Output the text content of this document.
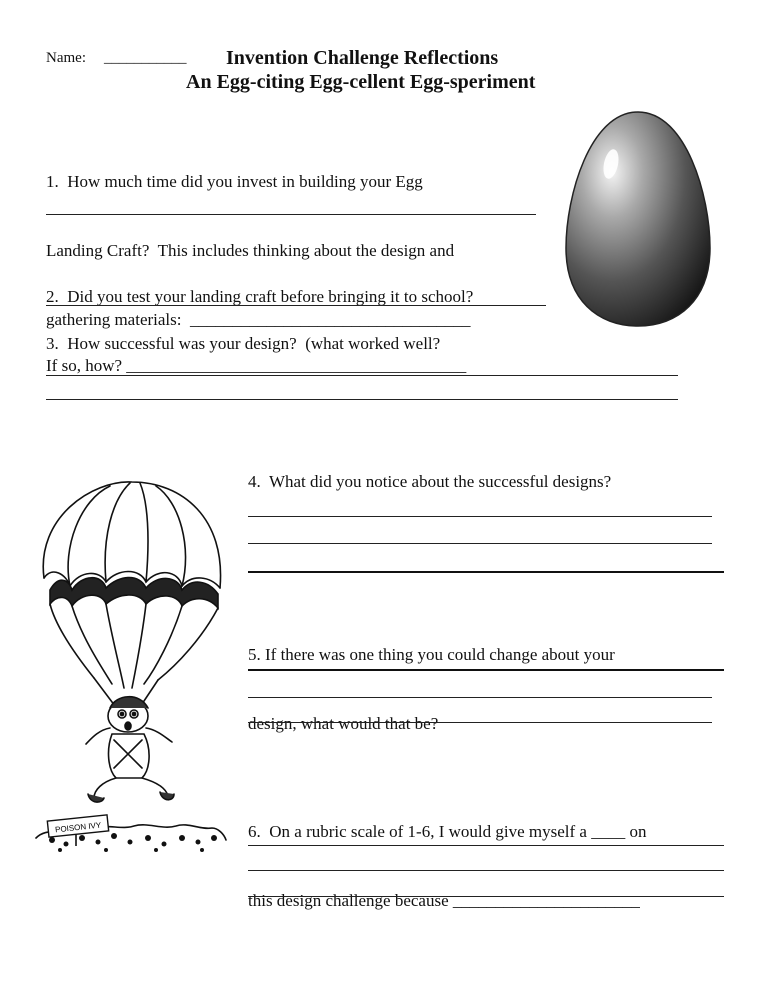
Name: ___________ Invention Challenge Reflections
An Egg-citing Egg-cellent Egg-speriment

1.  How much time did you invest in building your Egg

Landing Craft?  This includes thinking about the design and

gathering materials:  _________________________________

2.  Did you test your landing craft before bringing it to school?

If so, how? ________________________________________

3.  How successful was your design?  (what worked well?
4.  What did you notice about the successful designs?

5. If there was one thing you could change about your

design, what would that be?

6.  On a rubric scale of 1-6, I would give myself a ____ on

this design challenge because ______________________

POISON IVY
